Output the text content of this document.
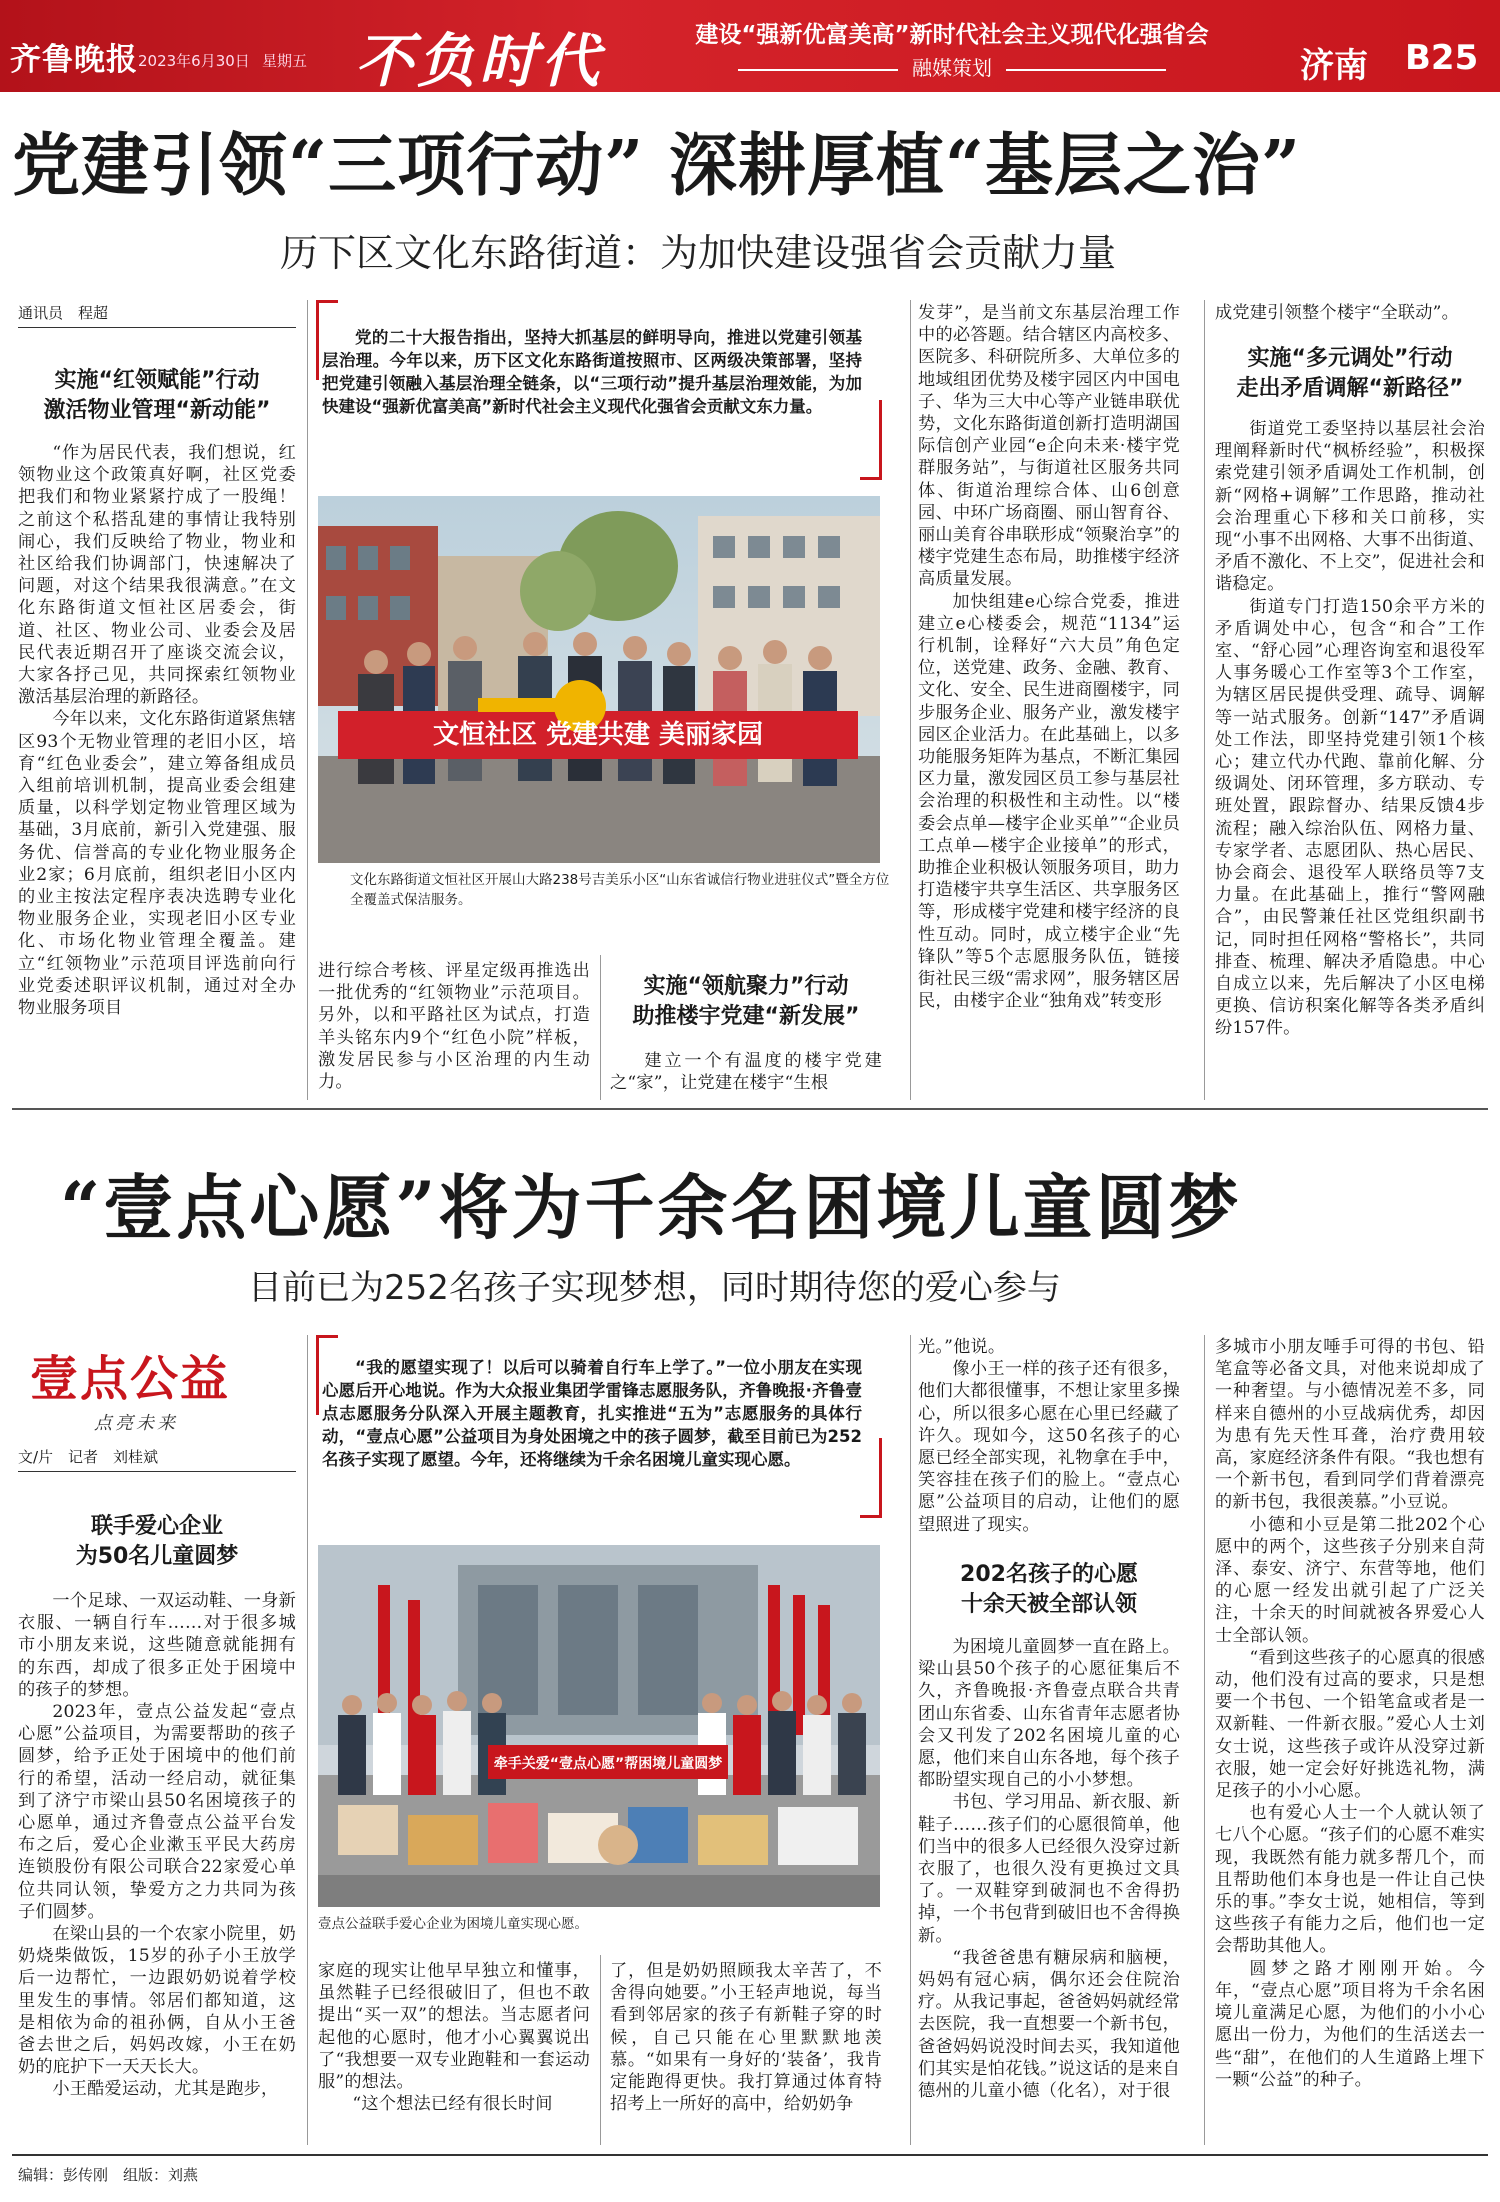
齐鲁晚报 2023年6月30日 星期五 不负时代	建设“强新优富美高”新时代社会主义现代化强省会
融媒策划	济南 B25
党建引领“三项行动” 深耕厚植“基层之治”
历下区文化东路街道：为加快建设强省会贡献力量
通讯员　程超
实施“红领赋能”行动
激活物业管理“新动能”

“作为居民代表，我们想说，红领物业这个政策真好啊，社区党委把我们和物业紧紧拧成了一股绳！之前这个私搭乱建的事情让我特别闹心，我们反映给了物业，物业和社区给我们协调部门，快速解决了问题，对这个结果我很满意。”在文化东路街道文恒社区居委会，街道、社区、物业公司、业委会及居民代表近期召开了座谈交流会议，大家各抒己见，共同探索红领物业激活基层治理的新路径。

今年以来，文化东路街道紧焦辖区93个无物业管理的老旧小区，培育“红色业委会”，建立筹备组成员入组前培训机制，提高业委会组建质量，以科学划定物业管理区域为基础，3月底前，新引入党建强、服务优、信誉高的专业化物业服务企业2家；6月底前，组织老旧小区内的业主按法定程序表决选聘专业化物业服务企业，实现老旧小区专业化、市场化物业管理全覆盖。建立“红领物业”示范项目评选前向行业党委述职评议机制，通过对全办物业服务项目

党的二十大报告指出，坚持大抓基层的鲜明导向，推进以党建引领基层治理。今年以来，历下区文化东路街道按照市、区两级决策部署，坚持把党建引领融入基层治理全链条，以“三项行动”提升基层治理效能，为加快建设“强新优富美高”新时代社会主义现代化强省会贡献文东力量。

文恒社区 党建共建 美丽家园
文化东路街道文恒社区开展山大路238号吉美乐小区“山东省诚信行物业进驻仪式”暨全方位全覆盖式保洁服务。

进行综合考核、评星定级再推选出一批优秀的“红领物业”示范项目。另外，以和平路社区为试点，打造羊头铭东内9个“红色小院”样板，激发居民参与小区治理的内生动力。

实施“领航聚力”行动
助推楼宇党建“新发展”

建立一个有温度的楼宇党建之“家”，让党建在楼宇“生根

发芽”，是当前文东基层治理工作中的必答题。结合辖区内高校多、医院多、科研院所多、大单位多的地域组团优势及楼宇园区内中国电子、华为三大中心等产业链串联优势，文化东路街道创新打造明湖国际信创产业园“e企向未来·楼宇党群服务站”，与街道社区服务共同体、街道治理综合体、山6创意园、中环广场商圈、丽山智育谷、丽山美育谷串联形成“领聚治享”的楼宇党建生态布局，助推楼宇经济高质量发展。

加快组建e心综合党委，推进建立e心楼委会，规范“1134”运行机制，诠释好“六大员”角色定位，送党建、政务、金融、教育、文化、安全、民生进商圈楼宇，同步服务企业、服务产业，激发楼宇园区企业活力。在此基础上，以多功能服务矩阵为基点，不断汇集园区力量，激发园区员工参与基层社会治理的积极性和主动性。以“楼委会点单—楼宇企业买单”“企业员工点单—楼宇企业接单”的形式，助推企业积极认领服务项目，助力打造楼宇共享生活区、共享服务区等，形成楼宇党建和楼宇经济的良性互动。同时，成立楼宇企业“先锋队”等5个志愿服务队伍，链接街社民三级“需求网”，服务辖区居民，由楼宇企业“独角戏”转变形

成党建引领整个楼宇“全联动”。

实施“多元调处”行动
走出矛盾调解“新路径”

街道党工委坚持以基层社会治理阐释新时代“枫桥经验”，积极探索党建引领矛盾调处工作机制，创新“网格+调解”工作思路，推动社会治理重心下移和关口前移，实现“小事不出网格、大事不出街道、矛盾不激化、不上交”，促进社会和谐稳定。

街道专门打造150余平方米的矛盾调处中心，包含“和合”工作室、“舒心园”心理咨询室和退役军人事务暖心工作室等3个工作室，为辖区居民提供受理、疏导、调解等一站式服务。创新“147”矛盾调处工作法，即坚持党建引领1个核心；建立代办代跑、靠前化解、分级调处、闭环管理，多方联动、专班处置，跟踪督办、结果反馈4步流程；融入综治队伍、网格力量、专家学者、志愿团队、热心居民、协会商会、退役军人联络员等7支力量。在此基础上，推行“警网融合”，由民警兼任社区党组织副书记，同时担任网格“警格长”，共同排查、梳理、解决矛盾隐患。中心自成立以来，先后解决了小区电梯更换、信访积案化解等各类矛盾纠纷157件。

“壹点心愿”将为千余名困境儿童圆梦
目前已为252名孩子实现梦想，同时期待您的爱心参与
壹点公益
点亮未来
文/片　记者　刘桂斌
联手爱心企业
为50名儿童圆梦

一个足球、一双运动鞋、一身新衣服、一辆自行车……对于很多城市小朋友来说，这些随意就能拥有的东西，却成了很多正处于困境中的孩子的梦想。

2023年，壹点公益发起“壹点心愿”公益项目，为需要帮助的孩子圆梦，给予正处于困境中的他们前行的希望，活动一经启动，就征集到了济宁市梁山县50名困境孩子的心愿单，通过齐鲁壹点公益平台发布之后，爱心企业漱玉平民大药房连锁股份有限公司联合22家爱心单位共同认领，挚爱方之力共同为孩子们圆梦。

在梁山县的一个农家小院里，奶奶烧柴做饭，15岁的孙子小王放学后一边帮忙，一边跟奶奶说着学校里发生的事情。邻居们都知道，这是相依为命的祖孙俩，自从小王爸爸去世之后，妈妈改嫁，小王在奶奶的庇护下一天天长大。

小王酷爱运动，尤其是跑步，

“我的愿望实现了！以后可以骑着自行车上学了。”一位小朋友在实现心愿后开心地说。作为大众报业集团学雷锋志愿服务队，齐鲁晚报·齐鲁壹点志愿服务分队深入开展主题教育，扎实推进“五为”志愿服务的具体行动，“壹点心愿”公益项目为身处困境之中的孩子圆梦，截至目前已为252名孩子实现了愿望。今年，还将继续为千余名困境儿童实现心愿。

牵手关爱“壹点心愿”帮困境儿童圆梦
壹点公益联手爱心企业为困境儿童实现心愿。

家庭的现实让他早早独立和懂事，虽然鞋子已经很破旧了，但也不敢提出“买一双”的想法。当志愿者问起他的心愿时，他才小心翼翼说出了“我想要一双专业跑鞋和一套运动服”的想法。

“这个想法已经有很长时间

了，但是奶奶照顾我太辛苦了，不舍得向她要。”小王轻声地说，每当看到邻居家的孩子有新鞋子穿的时候，自己只能在心里默默地羡慕。“如果有一身好的‘装备’，我肯定能跑得更快。我打算通过体育特招考上一所好的高中，给奶奶争

光。”他说。

像小王一样的孩子还有很多，他们大都很懂事，不想让家里多操心，所以很多心愿在心里已经藏了许久。现如今，这50名孩子的心愿已经全部实现，礼物拿在手中，笑容挂在孩子们的脸上。“壹点心愿”公益项目的启动，让他们的愿望照进了现实。

202名孩子的心愿
十余天被全部认领

为困境儿童圆梦一直在路上。梁山县50个孩子的心愿征集后不久，齐鲁晚报·齐鲁壹点联合共青团山东省委、山东省青年志愿者协会又刊发了202名困境儿童的心愿，他们来自山东各地，每个孩子都盼望实现自己的小小梦想。

书包、学习用品、新衣服、新鞋子……孩子们的心愿很简单，他们当中的很多人已经很久没穿过新衣服了，也很久没有更换过文具了。一双鞋穿到破洞也不舍得扔掉，一个书包背到破旧也不舍得换新。

“我爸爸患有糖尿病和脑梗，妈妈有冠心病，偶尔还会住院治疗。从我记事起，爸爸妈妈就经常去医院，我一直想要一个新书包，爸爸妈妈说没时间去买，我知道他们其实是怕花钱。”说这话的是来自德州的儿童小德（化名），对于很

多城市小朋友唾手可得的书包、铅笔盒等必备文具，对他来说却成了一种奢望。与小德情况差不多，同样来自德州的小豆战病优秀，却因为患有先天性耳聋，治疗费用较高，家庭经济条件有限。“我也想有一个新书包，看到同学们背着漂亮的新书包，我很羡慕。”小豆说。

小德和小豆是第二批202个心愿中的两个，这些孩子分别来自菏泽、泰安、济宁、东营等地，他们的心愿一经发出就引起了广泛关注，十余天的时间就被各界爱心人士全部认领。

“看到这些孩子的心愿真的很感动，他们没有过高的要求，只是想要一个书包、一个铅笔盒或者是一双新鞋、一件新衣服。”爱心人士刘女士说，这些孩子或许从没穿过新衣服，她一定会好好挑选礼物，满足孩子的小小心愿。

也有爱心人士一个人就认领了七八个心愿。“孩子们的心愿不难实现，我既然有能力就多帮几个，而且帮助他们本身也是一件让自己快乐的事。”李女士说，她相信，等到这些孩子有能力之后，他们也一定会帮助其他人。

圆梦之路才刚刚开始。今年，“壹点心愿”项目将为千余名困境儿童满足心愿，为他们的小小心愿出一份力，为他们的生活送去一些“甜”，在他们的人生道路上埋下一颗“公益”的种子。

编辑：彭传刚　组版：刘燕
